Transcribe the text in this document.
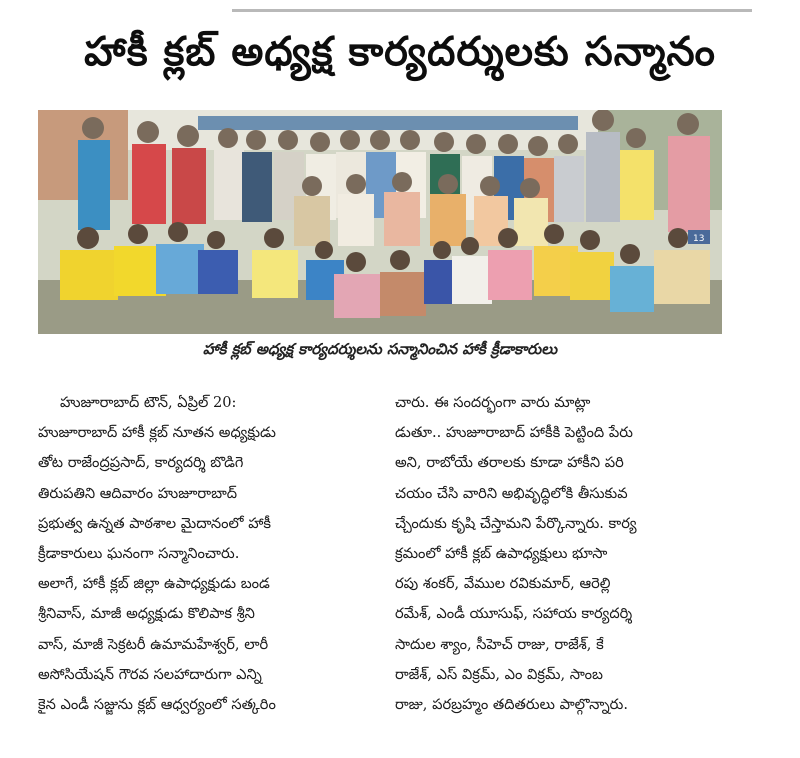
హాకీ క్లబ్‌ అధ్యక్ష కార్యదర్శులకు సన్మానం
13
హాకీ క్లబ్‌ అధ్యక్ష కార్యదర్శులను సన్మానించిన హాకీ క్రీడాకారులు

హుజూరాబాద్‌ టౌన్‌, ఏప్రిల్‌ 20:

హుజూరాబాద్‌ హాకీ క్లబ్‌ నూతన అధ్యక్షుడు

తోట రాజేంద్రప్రసాద్‌, కార్యదర్శి బొడిగె

తిరుపతిని ఆదివారం హుజూరాబాద్‌

ప్రభుత్వ ఉన్నత పాఠశాల మైదానంలో హాకీ

క్రీడాకారులు ఘనంగా సన్మానించారు.

అలాగే, హాకీ క్లబ్‌ జిల్లా ఉపాధ్యక్షుడు బండ

శ్రీనివాస్‌, మాజీ అధ్యక్షుడు కొలిపాక శ్రీని

వాస్‌, మాజీ సెక్రటరీ ఉమామహేశ్వర్‌, లారీ

అసోసియేషన్‌ గౌరవ సలహాదారుగా ఎన్ని

కైన ఎండీ సజ్జును క్లబ్‌ ఆధ్వర్యంలో సత్కరిం

చారు. ఈ సందర్భంగా వారు మాట్లా

డుతూ.. హుజూరాబాద్‌ హాకీకి పెట్టింది పేరు

అని, రాబోయే తరాలకు కూడా హాకీని పరి

చయం చేసి వారిని అభివృద్ధిలోకి తీసుకువ

చ్చేందుకు కృషి చేస్తామని పేర్కొన్నారు. కార్య

క్రమంలో హాకీ క్లబ్‌ ఉపాధ్యక్షులు భూసా

రపు శంకర్‌, వేముల రవికుమార్‌, ఆరెల్లి

రమేశ్‌, ఎండీ యూసుఫ్‌, సహాయ కార్యదర్శి

సాదుల శ్యాం, సీహెచ్‌ రాజు, రాజేశ్‌, కే

రాజేశ్‌, ఎస్‌ విక్రమ్‌, ఎం విక్రమ్‌, సాంబ

రాజు, పరబ్రహ్మం తదితరులు పాల్గొన్నారు.
